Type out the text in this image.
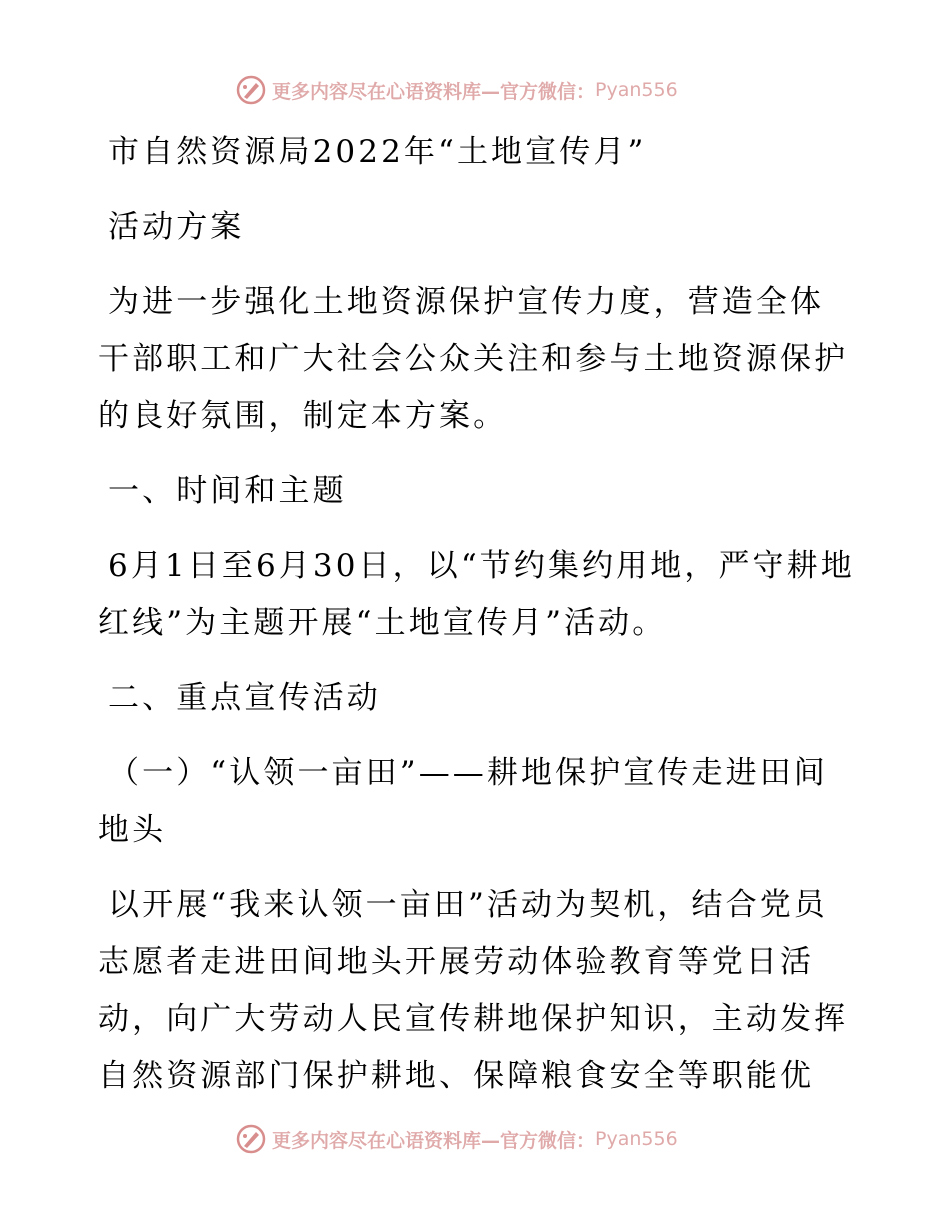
更多内容尽在心语资料库—官方微信： Pyan556

市自然资源局2022年“土地宣传月”

活动方案

为进一步强化土地资源保护宣传力度，营造全体干部职工和广大社会公众关注和参与土地资源保护的良好氛围，制定本方案。

一、时间和主题

6月1日至6月30日，以“节约集约用地，严守耕地红线”为主题开展“土地宣传月”活动。

二、重点宣传活动

（一）“认领一亩田”——耕地保护宣传走进田间地头

以开展“我来认领一亩田”活动为契机，结合党员志愿者走进田间地头开展劳动体验教育等党日活动，向广大劳动人民宣传耕地保护知识，主动发挥自然资源部门保护耕地、保障粮食安全等职能优

更多内容尽在心语资料库—官方微信： Pyan556
